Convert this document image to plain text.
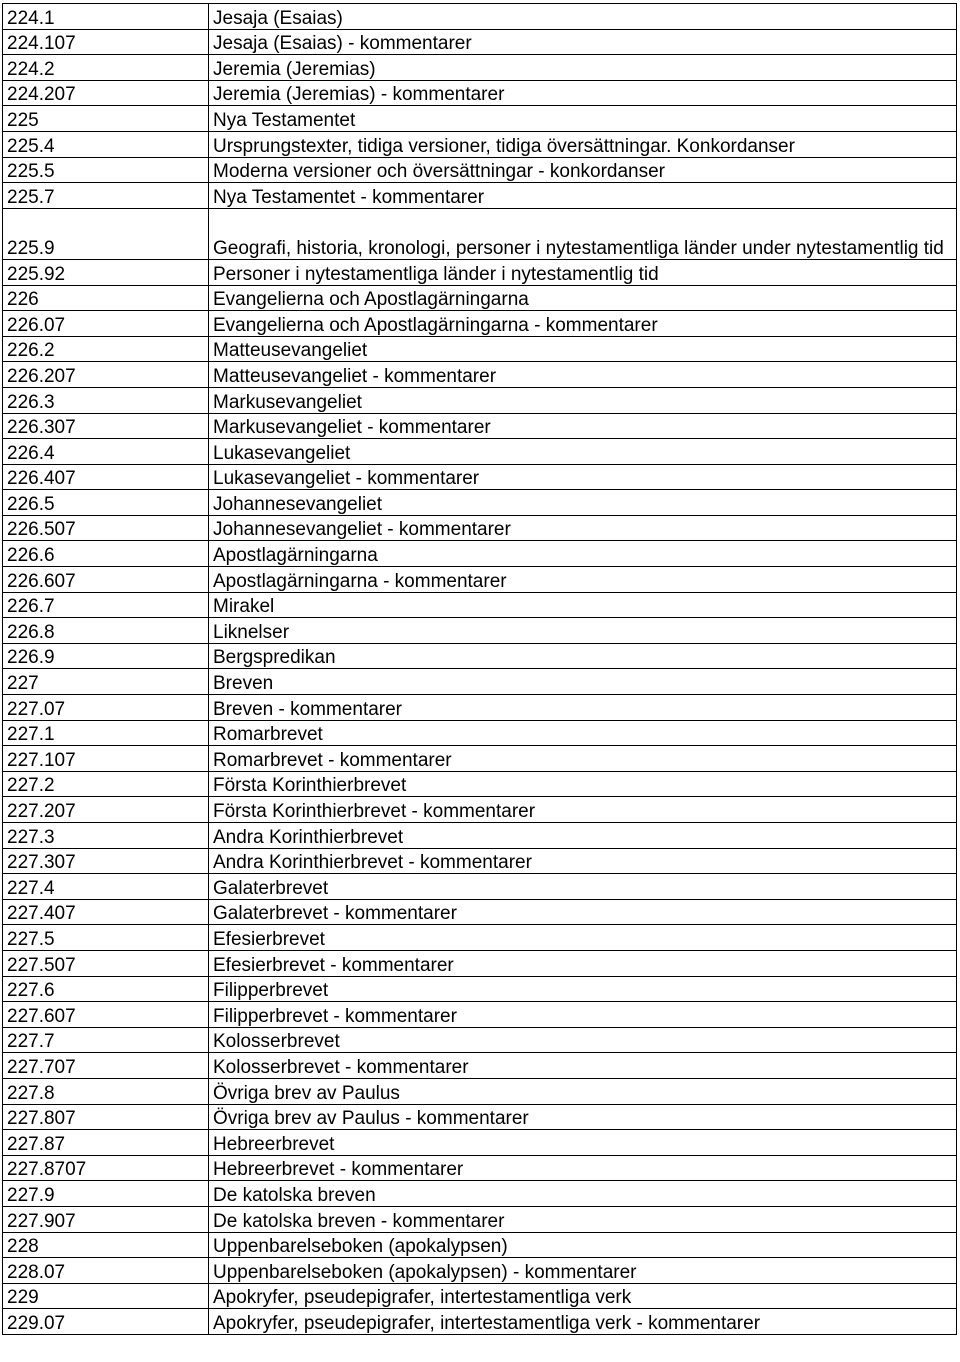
224.1	Jesaja (Esaias)
224.107	Jesaja (Esaias) - kommentarer
224.2	Jeremia (Jeremias)
224.207	Jeremia (Jeremias) - kommentarer
225	Nya Testamentet
225.4	Ursprungstexter, tidiga versioner, tidiga översättningar. Konkordanser
225.5	Moderna versioner och översättningar - konkordanser
225.7	Nya Testamentet - kommentarer
225.9	Geografi, historia, kronologi, personer i nytestamentliga länder under nytestamentlig tid
225.92	Personer i nytestamentliga länder i nytestamentlig tid
226	Evangelierna och Apostlagärningarna
226.07	Evangelierna och Apostlagärningarna - kommentarer
226.2	Matteusevangeliet
226.207	Matteusevangeliet - kommentarer
226.3	Markusevangeliet
226.307	Markusevangeliet - kommentarer
226.4	Lukasevangeliet
226.407	Lukasevangeliet - kommentarer
226.5	Johannesevangeliet
226.507	Johannesevangeliet - kommentarer
226.6	Apostlagärningarna
226.607	Apostlagärningarna - kommentarer
226.7	Mirakel
226.8	Liknelser
226.9	Bergspredikan
227	Breven
227.07	Breven - kommentarer
227.1	Romarbrevet
227.107	Romarbrevet - kommentarer
227.2	Första Korinthierbrevet
227.207	Första Korinthierbrevet - kommentarer
227.3	Andra Korinthierbrevet
227.307	Andra Korinthierbrevet - kommentarer
227.4	Galaterbrevet
227.407	Galaterbrevet - kommentarer
227.5	Efesierbrevet
227.507	Efesierbrevet - kommentarer
227.6	Filipperbrevet
227.607	Filipperbrevet - kommentarer
227.7	Kolosserbrevet
227.707	Kolosserbrevet - kommentarer
227.8	Övriga brev av Paulus
227.807	Övriga brev av Paulus - kommentarer
227.87	Hebreerbrevet
227.8707	Hebreerbrevet - kommentarer
227.9	De katolska breven
227.907	De katolska breven - kommentarer
228	Uppenbarelseboken (apokalypsen)
228.07	Uppenbarelseboken (apokalypsen) - kommentarer
229	Apokryfer, pseudepigrafer, intertestamentliga verk
229.07	Apokryfer, pseudepigrafer, intertestamentliga verk - kommentarer
